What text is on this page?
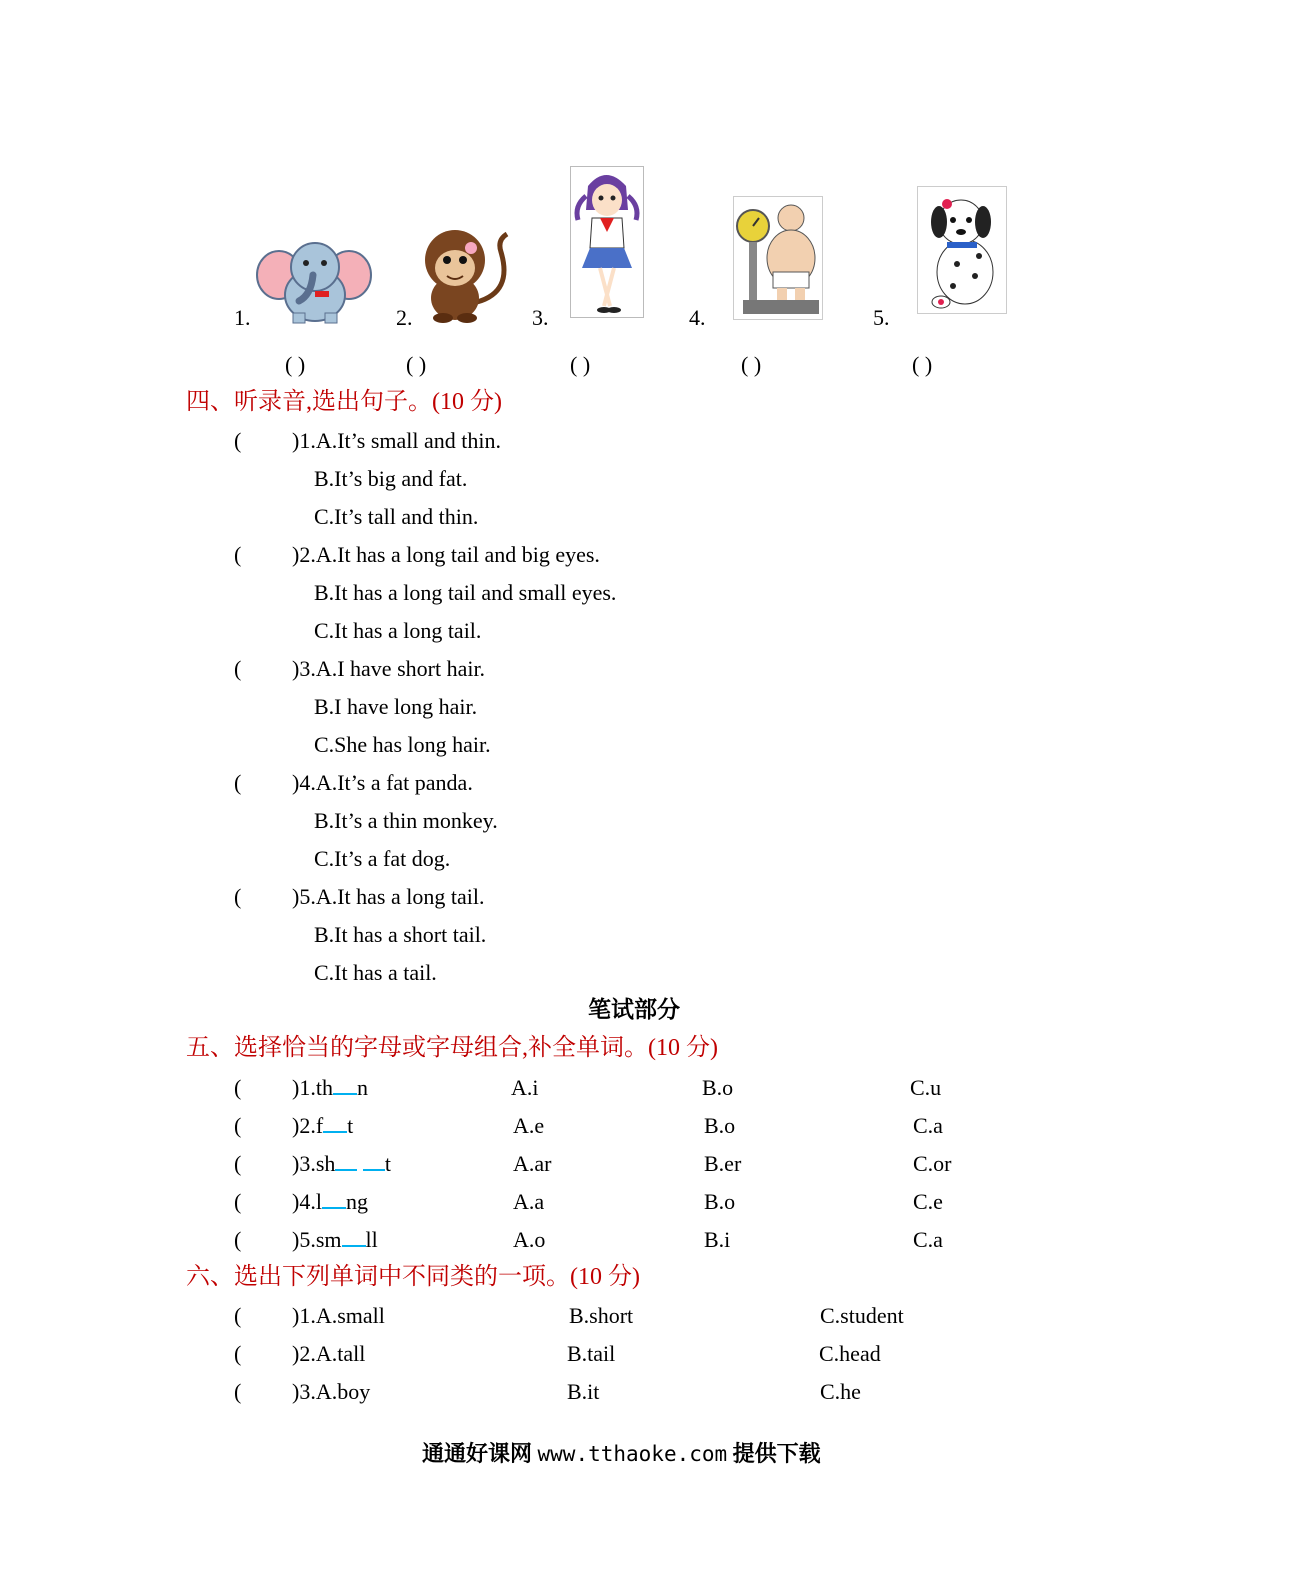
1.	2.	3.	4.	5.
( )	( )	( )	( )	( )
四、听录音,选出句子。(10 分)
( )1.A.It’s small and thin.
B.It’s big and fat.
C.It’s tall and thin.
( )2.A.It has a long tail and big eyes.
B.It has a long tail and small eyes.
C.It has a long tail.
( )3.A.I have short hair.
B.I have long hair.
C.She has long hair.
( )4.A.It’s a fat panda.
B.It’s a thin monkey.
C.It’s a fat dog.
( )5.A.It has a long tail.
B.It has a short tail.
C.It has a tail.
笔试部分
五、选择恰当的字母或字母组合,补全单词。(10 分)
( )1.th n	A.i	B.o	C.u
( )2.f t	A.e	B.o	C.a
( )3.sh t	A.ar	B.er	C.or
( )4.l ng	A.a	B.o	C.e
( )5.sm ll	A.o	B.i	C.a
六、选出下列单词中不同类的一项。(10 分)
( )1.A.small	B.short	C.student
( )2.A.tall	B.tail	C.head
( )3.A.boy	B.it	C.he
通通好课网 www.tthaoke.com 提供下载
